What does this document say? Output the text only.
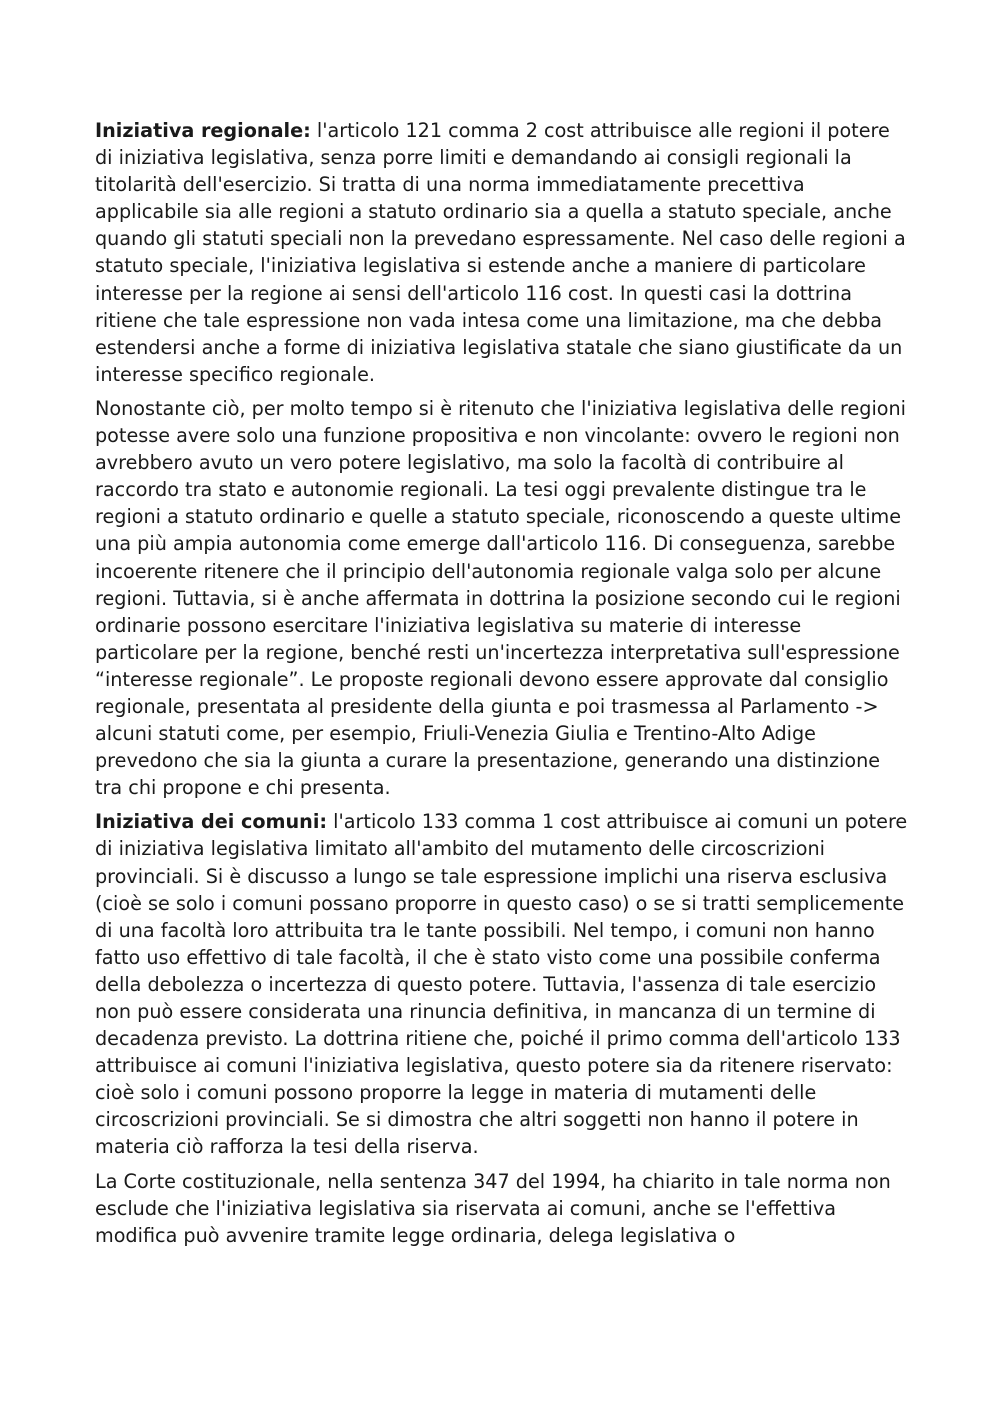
Iniziativa regionale: l'articolo 121 comma 2 cost attribuisce alle regioni il potere di iniziativa legislativa, senza porre limiti e demandando ai consigli regionali la titolarità dell'esercizio. Si tratta di una norma immediatamente precettiva applicabile sia alle regioni a statuto ordinario sia a quella a statuto speciale, anche quando gli statuti speciali non la prevedano espressamente. Nel caso delle regioni a statuto speciale, l'iniziativa legislativa si estende anche a maniere di particolare interesse per la regione ai sensi dell'articolo 116 cost. In questi casi la dottrina ritiene che tale espressione non vada intesa come una limitazione, ma che debba estendersi anche a forme di iniziativa legislativa statale che siano giustificate da un interesse specifico regionale.

Nonostante ciò, per molto tempo si è ritenuto che l'iniziativa legislativa delle regioni potesse avere solo una funzione propositiva e non vincolante: ovvero le regioni non avrebbero avuto un vero potere legislativo, ma solo la facoltà di contribuire al raccordo tra stato e autonomie regionali. La tesi oggi prevalente distingue tra le regioni a statuto ordinario e quelle a statuto speciale, riconoscendo a queste ultime una più ampia autonomia come emerge dall'articolo 116. Di conseguenza, sarebbe incoerente ritenere che il principio dell'autonomia regionale valga solo per alcune regioni. Tuttavia, si è anche affermata in dottrina la posizione secondo cui le regioni ordinarie possono esercitare l'iniziativa legislativa su materie di interesse particolare per la regione, benché resti un'incertezza interpretativa sull'espressione “interesse regionale”. Le proposte regionali devono essere approvate dal consiglio regionale, presentata al presidente della giunta e poi trasmessa al Parlamento -> alcuni statuti come, per esempio, Friuli-Venezia Giulia e Trentino-Alto Adige prevedono che sia la giunta a curare la presentazione, generando una distinzione tra chi propone e chi presenta.

Iniziativa dei comuni: l'articolo 133 comma 1 cost attribuisce ai comuni un potere di iniziativa legislativa limitato all'ambito del mutamento delle circoscrizioni provinciali. Si è discusso a lungo se tale espressione implichi una riserva esclusiva (cioè se solo i comuni possano proporre in questo caso) o se si tratti semplicemente di una facoltà loro attribuita tra le tante possibili. Nel tempo, i comuni non hanno fatto uso effettivo di tale facoltà, il che è stato visto come una possibile conferma della debolezza o incertezza di questo potere. Tuttavia, l'assenza di tale esercizio non può essere considerata una rinuncia definitiva, in mancanza di un termine di decadenza previsto. La dottrina ritiene che, poiché il primo comma dell'articolo 133 attribuisce ai comuni l'iniziativa legislativa, questo potere sia da ritenere riservato: cioè solo i comuni possono proporre la legge in materia di mutamenti delle circoscrizioni provinciali. Se si dimostra che altri soggetti non hanno il potere in materia ciò rafforza la tesi della riserva.

La Corte costituzionale, nella sentenza 347 del 1994, ha chiarito in tale norma non esclude che l'iniziativa legislativa sia riservata ai comuni, anche se l'effettiva modifica può avvenire tramite legge ordinaria, delega legislativa o
